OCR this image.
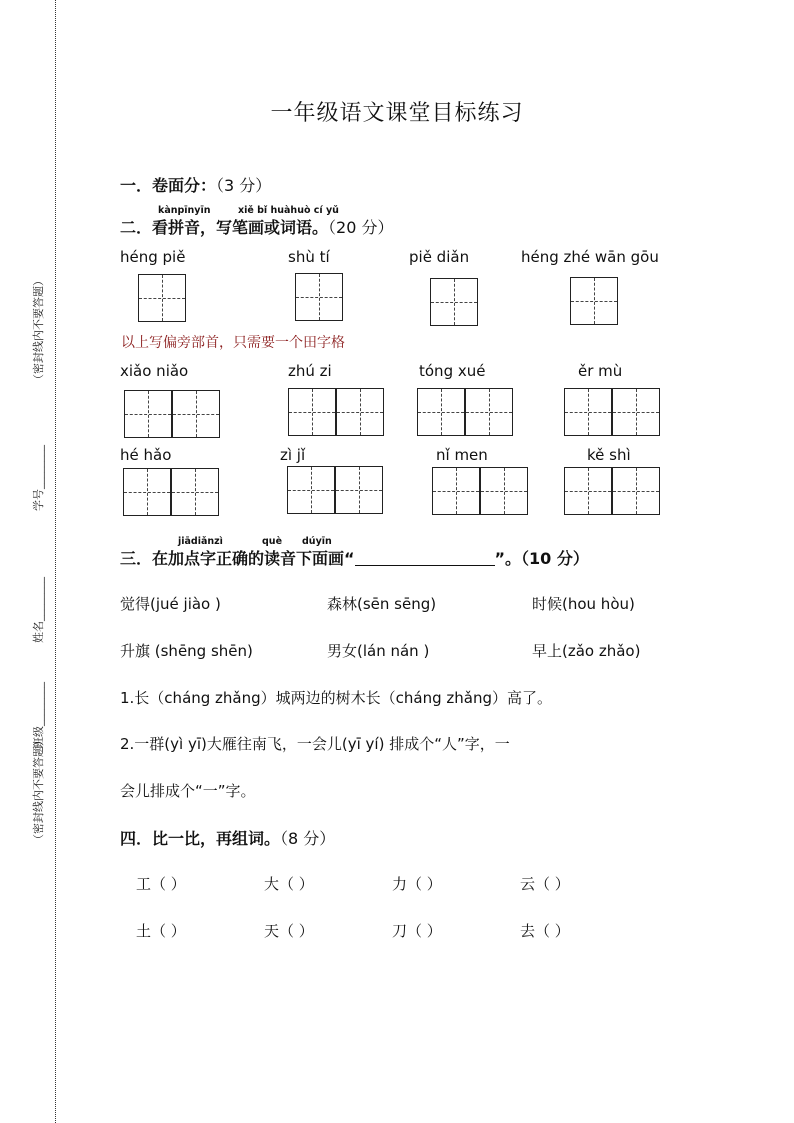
（密封线内不要答题）
学号________
姓名________
班级________
（密封线内不要答题）
一年级语文课堂目标练习
一．卷面分：（3 分）
kànpīnyīn	xiě bǐ huàhuò cí yǔ
二．看拼音，写笔画或词语。（20 分）
héng piě	shù tí	piě diǎn	héng zhé wān gōu
以上写偏旁部首，只需要一个田字格
xiǎo niǎo	zhú zi	tóng xué	ěr mù
hé hǎo	zì jǐ	nǐ men	kě shì
jiādiǎnzì	què dúyīn
三．在加点字正确的读音下面画“	”。（10 分）
觉得(jué jiào )	森林(sēn sēng)	时候(hou hòu)
升旗 (shēng shēn)	男女(lán nán )	早上(zǎo zhǎo)
1.长（cháng zhǎng）城两边的树木长（cháng zhǎng）高了。
2.一群(yì yī)大雁往南飞，一会儿(yī yí) 排成个“人”字，一
会儿排成个“一”字。
四．比一比，再组词。（8 分）
工（ ）	大（ ）	力（ ）	云（ ）
土（ ）	天（ ）	刀（ ）	去（ ）
